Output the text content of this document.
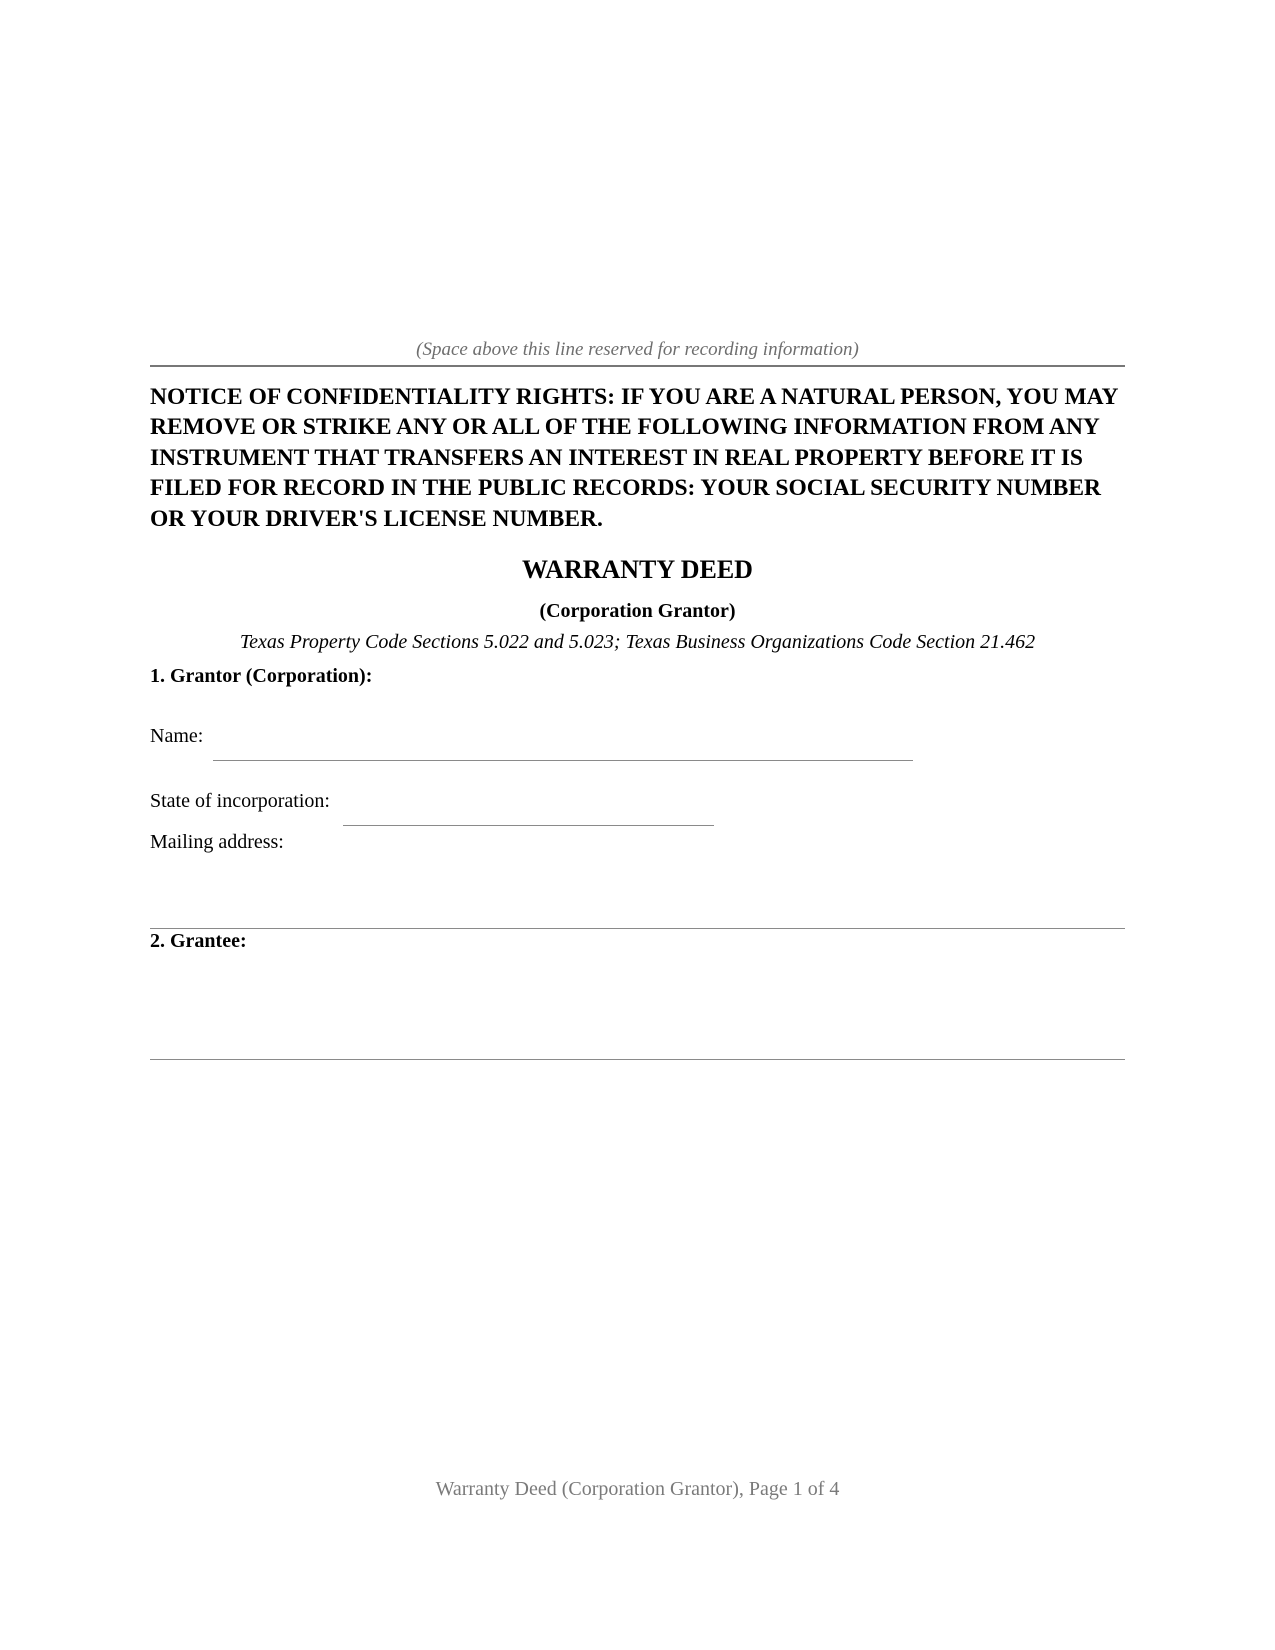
(Space above this line reserved for recording information)

NOTICE OF CONFIDENTIALITY RIGHTS: IF YOU ARE A NATURAL PERSON, YOU MAY REMOVE OR STRIKE ANY OR ALL OF THE FOLLOWING INFORMATION FROM ANY INSTRUMENT THAT TRANSFERS AN INTEREST IN REAL PROPERTY BEFORE IT IS FILED FOR RECORD IN THE PUBLIC RECORDS: YOUR SOCIAL SECURITY NUMBER OR YOUR DRIVER'S LICENSE NUMBER.

WARRANTY DEED
(Corporation Grantor)
Texas Property Code Sections 5.022 and 5.023; Texas Business Organizations Code Section 21.462
1. Grantor (Corporation):
Name:
State of incorporation:
Mailing address:
2. Grantee:
Warranty Deed (Corporation Grantor), Page 1 of 4
